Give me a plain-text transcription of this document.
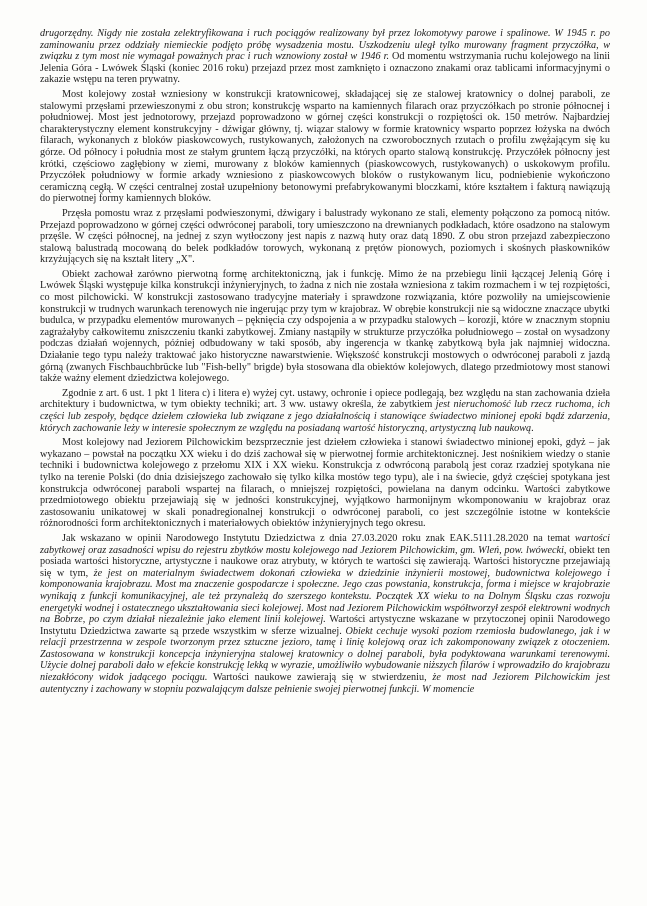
drugorzędny. Nigdy nie została zelektryfikowana i ruch pociągów realizowany był przez lokomotywy parowe i spalinowe. W 1945 r. po zaminowaniu przez oddziały niemieckie podjęto próbę wysadzenia mostu. Uszkodzeniu uległ tylko murowany fragment przyczółka, w związku z tym most nie wymagał poważnych prac i ruch wznowiony został w 1946 r. Od momentu wstrzymania ruchu kolejowego na linii Jelenia Góra - Lwówek Śląski (koniec 2016 roku) przejazd przez most zamknięto i oznaczono znakami oraz tablicami informacyjnymi o zakazie wstępu na teren prywatny.

Most kolejowy został wzniesiony w konstrukcji kratownicowej, składającej się ze stalowej kratownicy o dolnej paraboli, ze stalowymi przęsłami przewieszonymi z obu stron; konstrukcję wsparto na kamiennych filarach oraz przyczółkach po stronie północnej i południowej. Most jest jednotorowy, przejazd poprowadzono w górnej części konstrukcji o rozpiętości ok. 150 metrów. Najbardziej charakterystyczny element konstrukcyjny - dźwigar główny, tj. wiązar stalowy w formie kratownicy wsparto poprzez łożyska na dwóch filarach, wykonanych z bloków piaskowcowych, rustykowanych, założonych na czworobocznych rzutach o profilu zwężającym się ku górze. Od północy i południa most ze stałym gruntem łączą przyczółki, na których oparto stalową konstrukcję. Przyczółek północny jest krótki, częściowo zagłębiony w ziemi, murowany z bloków kamiennych (piaskowcowych, rustykowanych) o uskokowym profilu. Przyczółek południowy w formie arkady wzniesiono z piaskowcowych bloków o rustykowanym licu, podniebienie wykończono ceramiczną cegłą. W części centralnej został uzupełniony betonowymi prefabrykowanymi bloczkami, które kształtem i fakturą nawiązują do pierwotnej formy kamiennych bloków.

Przęsła pomostu wraz z przęsłami podwieszonymi, dźwigary i balustrady wykonano ze stali, elementy połączono za pomocą nitów. Przejazd poprowadzono w górnej części odwróconej paraboli, tory umieszczono na drewnianych podkładach, które osadzono na stalowym przęśle. W części północnej, na jednej z szyn wytłoczony jest napis z nazwą huty oraz datą 1890. Z obu stron przejazd zabezpieczono stalową balustradą mocowaną do belek podkładów torowych, wykonaną z prętów pionowych, poziomych i skośnych płaskowników krzyżujących się na kształt litery „X".

Obiekt zachował zarówno pierwotną formę architektoniczną, jak i funkcję. Mimo że na przebiegu linii łączącej Jelenią Górę i Lwówek Śląski występuje kilka konstrukcji inżynieryjnych, to żadna z nich nie została wzniesiona z takim rozmachem i w tej rozpiętości, co most pilchowicki. W konstrukcji zastosowano tradycyjne materiały i sprawdzone rozwiązania, które pozwoliły na umiejscowienie konstrukcji w trudnych warunkach terenowych nie ingerując przy tym w krajobraz. W obrębie konstrukcji nie są widoczne znaczące ubytki budulca, w przypadku elementów murowanych – pęknięcia czy odspojenia a w przypadku stalowych – korozji, które w znacznym stopniu zagrażałyby całkowitemu zniszczeniu tkanki zabytkowej. Zmiany nastąpiły w strukturze przyczółka południowego – został on wysadzony podczas działań wojennych, później odbudowany w taki sposób, aby ingerencja w tkankę zabytkową była jak najmniej widoczna. Działanie tego typu należy traktować jako historyczne nawarstwienie. Większość konstrukcji mostowych o odwróconej paraboli z jazdą górną (zwanych Fischbauchbrücke lub "Fish-belly" brigde) była stosowana dla obiektów kolejowych, dlatego przedmiotowy most stanowi także ważny element dziedzictwa kolejowego.

Zgodnie z art. 6 ust. 1 pkt 1 litera c) i litera e) wyżej cyt. ustawy, ochronie i opiece podlegają, bez względu na stan zachowania dzieła architektury i budownictwa, w tym obiekty techniki; art. 3 ww. ustawy określa, że zabytkiem jest nieruchomość lub rzecz ruchoma, ich części lub zespoły, będące dziełem człowieka lub związane z jego działalnością i stanowiące świadectwo minionej epoki bądź zdarzenia, których zachowanie leży w interesie społecznym ze względu na posiadaną wartość historyczną, artystyczną lub naukową.

Most kolejowy nad Jeziorem Pilchowickim bezsprzecznie jest dziełem człowieka i stanowi świadectwo minionej epoki, gdyż – jak wykazano – powstał na początku XX wieku i do dziś zachował się w pierwotnej formie architektonicznej. Jest nośnikiem wiedzy o stanie techniki i budownictwa kolejowego z przełomu XIX i XX wieku. Konstrukcja z odwróconą parabolą jest coraz rzadziej spotykana nie tylko na terenie Polski (do dnia dzisiejszego zachowało się tylko kilka mostów tego typu), ale i na świecie, gdyż częściej spotykana jest konstrukcja odwróconej paraboli wspartej na filarach, o mniejszej rozpiętości, powielana na danym odcinku. Wartości zabytkowe przedmiotowego obiektu przejawiają się w jedności konstrukcyjnej, wyjątkowo harmonijnym wkomponowaniu w krajobraz oraz zastosowaniu unikatowej w skali ponadregionalnej konstrukcji o odwróconej paraboli, co jest szczególnie istotne w kontekście różnorodności form architektonicznych i materiałowych obiektów inżynieryjnych tego okresu.

Jak wskazano w opinii Narodowego Instytutu Dziedzictwa z dnia 27.03.2020 roku znak EAK.5111.28.2020 na temat wartości zabytkowej oraz zasadności wpisu do rejestru zbytków mostu kolejowego nad Jeziorem Pilchowickim, gm. Wleń, pow. lwówecki, obiekt ten posiada wartości historyczne, artystyczne i naukowe oraz atrybuty, w których te wartości się zawierają. Wartości historyczne przejawiają się w tym, że jest on materialnym świadectwem dokonań człowieka w dziedzinie inżynierii mostowej, budownictwa kolejowego i komponowania krajobrazu. Most ma znaczenie gospodarcze i społeczne. Jego czas powstania, konstrukcja, forma i miejsce w krajobrazie wynikają z funkcji komunikacyjnej, ale też przynależą do szerszego kontekstu. Początek XX wieku to na Dolnym Śląsku czas rozwoju energetyki wodnej i ostatecznego ukształtowania sieci kolejowej. Most nad Jeziorem Pilchowickim współtworzył zespół elektrowni wodnych na Bobrze, po czym działał niezależnie jako element linii kolejowej. Wartości artystyczne wskazane w przytoczonej opinii Narodowego Instytutu Dziedzictwa zawarte są przede wszystkim w sferze wizualnej. Obiekt cechuje wysoki poziom rzemiosła budowlanego, jak i w relacji przestrzenna w zespole tworzonym przez sztuczne jezioro, tamę i linię kolejową oraz ich zakomponowany związek z otoczeniem. Zastosowana w konstrukcji koncepcja inżynieryjna stalowej kratownicy o dolnej paraboli, była podyktowana warunkami terenowymi. Użycie dolnej paraboli dało w efekcie konstrukcję lekką w wyrazie, umożliwiło wybudowanie niższych filarów i wprowadziło do krajobrazu niezakłócony widok jadącego pociągu. Wartości naukowe zawierają się w stwierdzeniu, że most nad Jeziorem Pilchowickim jest autentyczny i zachowany w stopniu pozwalającym dalsze pełnienie swojej pierwotnej funkcji. W momencie
